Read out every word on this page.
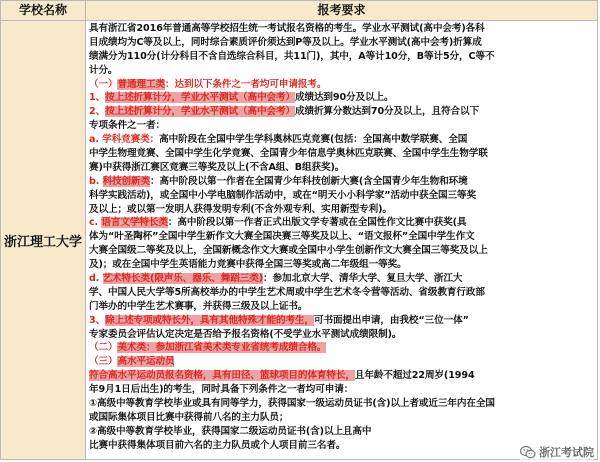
学校名称	报考要求
浙江理工大学
具有浙江省2016年普通高等学校招生统一考试报名资格的考生。学业水平测试(高中会考)各科
目成绩均为C等及以上，同时综合素质评价须达到P等及以上。学业水平测试(高中会考)折算成
绩满分为110分(计分科目不含自选综合科目，共11门)，其中，A等计10分，B等计5分，C等不
计分。
（一）普通理工类：达到以下条件之一者均可申请报考。
1、按上述折算计分，学业水平测试（高中会考）成绩达到90分及以上。
2、按上述折算计分，学业水平测试（高中会考）成绩折算分数达到70分及以上，且符合以下
专项条件之一者：
a. 学科竞赛类：高中阶段在全国中学生学科奥林匹克竞赛(包括：全国高中数学联赛、全国
中学生物理竞赛、全国中学生化学竞赛、全国青少年信息学奥林匹克联赛、全国中学生生物学联
赛)中获得浙江赛区竞赛三等奖及以上(不含A组、B组获奖)。
b. 科技创新类：高中阶段以第一作者在全国青少年科技创新大赛(含全国青少年生物和环境
科学实践活动)，或全国中小学电脑制作活动中，或在“明天小小科学家”活动中获全国三等奖
及以上；或以第一发明人获得发明专利(不含外观专利、实用新型专利)。
c. 语言文学特长类：高中阶段以第一作者正式出版文学专著或在全国性作文比赛中获奖(具
体为“叶圣陶杯”全国中学生新作文大赛全国决赛三等奖及以上、“语文报杯”全国中学生作文
大赛全国级二等奖及以上，全国新概念作文大赛或全国中小学生创新作文大赛全国三等奖及以上
及)；或在全国中学生英语能力竞赛中获得全国三等奖或高二年级组一等奖。
d. 艺术特长类(限声乐、器乐、舞蹈三类)：参加北京大学、清华大学、复旦大学、浙江大
学、中国人民大学等5所高校举办的中学生艺术周或中学生艺术冬令营等活动、省级教育行政部
门举办的中学生艺术赛事，并获得三级及以上证书。
3、除上述专项或特长外，具有其他特殊才能的考生，可书面提出申请，由我校“三位一体”
专家委员会评估认定决定是否给予报名资格(不受学业水平测试成绩限制)。
（二）美术类：参加浙江省美术类专业省统考成绩合格。
（三）高水平运动员
符合高水平运动员报名资格，具有田径、篮球项目的体育特长，且年龄不超过22周岁(1994
年9月1日后出生)的考生，同时具备下列条件之一者均可申请：
①高级中等教育学校毕业或具有同等学力，获得国家一级运动员证书(含)以上者或近三年内在全国
或国际集体项目比赛中获得前八名的主力队员；
②高级中等教育学校毕业，获得国家二级运动员证书(含)以上且高中
比赛中获得集体项目前六名的主力队员或个人项目前三名者。
浙江考试院
